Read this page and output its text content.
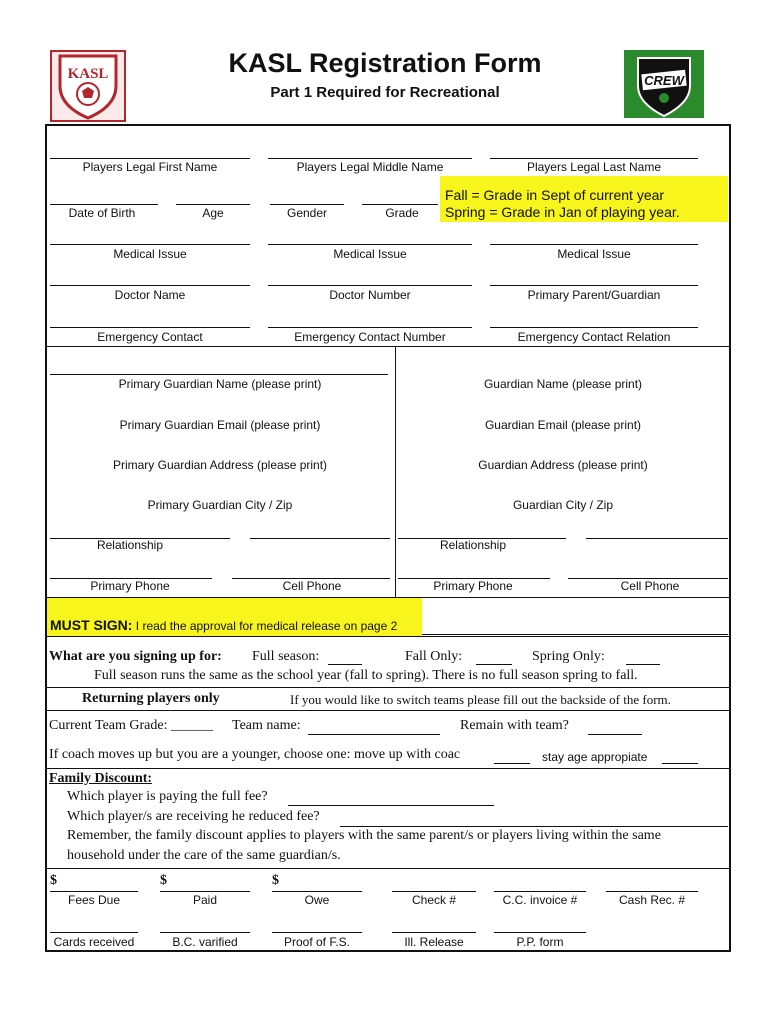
KASL	CREW
KASL Registration Form
Part 1 Required for Recreational
Players Legal First Name	Players Legal Middle Name	Players Legal Last Name
Fall = Grade in Sept of current year
Spring = Grade in Jan of playing year.
Date of Birth	Age	Gender	Grade
Medical Issue	Medical Issue	Medical Issue
Doctor Name	Doctor Number	Primary Parent/Guardian
Emergency Contact	Emergency Contact Number	Emergency Contact Relation
Primary Guardian Name (please print)	Guardian Name (please print)
Primary Guardian Email (please print)	Guardian Email (please print)
Primary Guardian Address (please print)	Guardian Address (please print)
Primary Guardian City / Zip	Guardian City / Zip
Relationship	Relationship
Primary Phone	Cell Phone	Primary Phone	Cell Phone
MUST SIGN: I read the approval for medical release on page 2
What are you signing up for: Full season:	Fall Only:	Spring Only:
Full season runs the same as the school year (fall to spring). There is no full season spring to fall.
Returning players only	If you would like to switch teams please fill out the backside of the form.
Current Team Grade: ______ Team name:	Remain with team?
If coach moves up but you are a younger, choose one: move up with coac	stay age appropiate
Family Discount:
Which player is paying the full fee?
Which player/s are receiving he reduced fee?
Remember, the family discount applies to players with the same parent/s or players living within the same
household under the care of the same guardian/s.
$	$	$
Fees Due	Paid	Owe	Check #	C.C. invoice #	Cash Rec. #
Cards received	B.C. varified	Proof of F.S.	Ill. Release	P.P. form
